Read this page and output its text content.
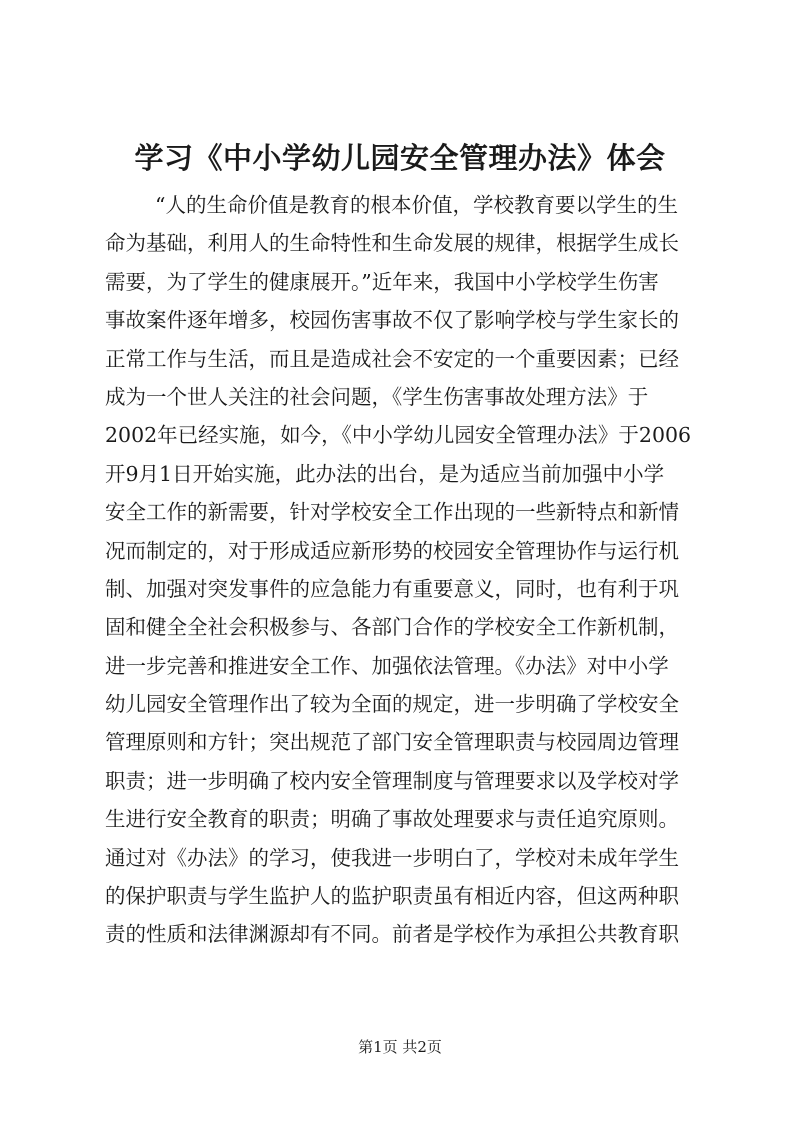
学习《中小学幼儿园安全管理办法》体会
“人的生命价值是教育的根本价值，学校教育要以学生的生
命为基础，利用人的生命特性和生命发展的规律，根据学生成长
需要，为了学生的健康展开。”近年来，我国中小学校学生伤害
事故案件逐年增多，校园伤害事故不仅了影响学校与学生家长的
正常工作与生活，而且是造成社会不安定的一个重要因素；已经
成为一个世人关注的社会问题，《学生伤害事故处理方法》于
2002年已经实施，如今，《中小学幼儿园安全管理办法》于2006
开9月1日开始实施，此办法的出台，是为适应当前加强中小学
安全工作的新需要，针对学校安全工作出现的一些新特点和新情
况而制定的，对于形成适应新形势的校园安全管理协作与运行机
制、加强对突发事件的应急能力有重要意义，同时，也有利于巩
固和健全全社会积极参与、各部门合作的学校安全工作新机制，
进一步完善和推进安全工作、加强依法管理。《办法》对中小学
幼儿园安全管理作出了较为全面的规定，进一步明确了学校安全
管理原则和方针；突出规范了部门安全管理职责与校园周边管理
职责；进一步明确了校内安全管理制度与管理要求以及学校对学
生进行安全教育的职责；明确了事故处理要求与责任追究原则。
通过对《办法》的学习，使我进一步明白了，学校对未成年学生
的保护职责与学生监护人的监护职责虽有相近内容，但这两种职
责的性质和法律渊源却有不同。前者是学校作为承担公共教育职
第1页 共2页
